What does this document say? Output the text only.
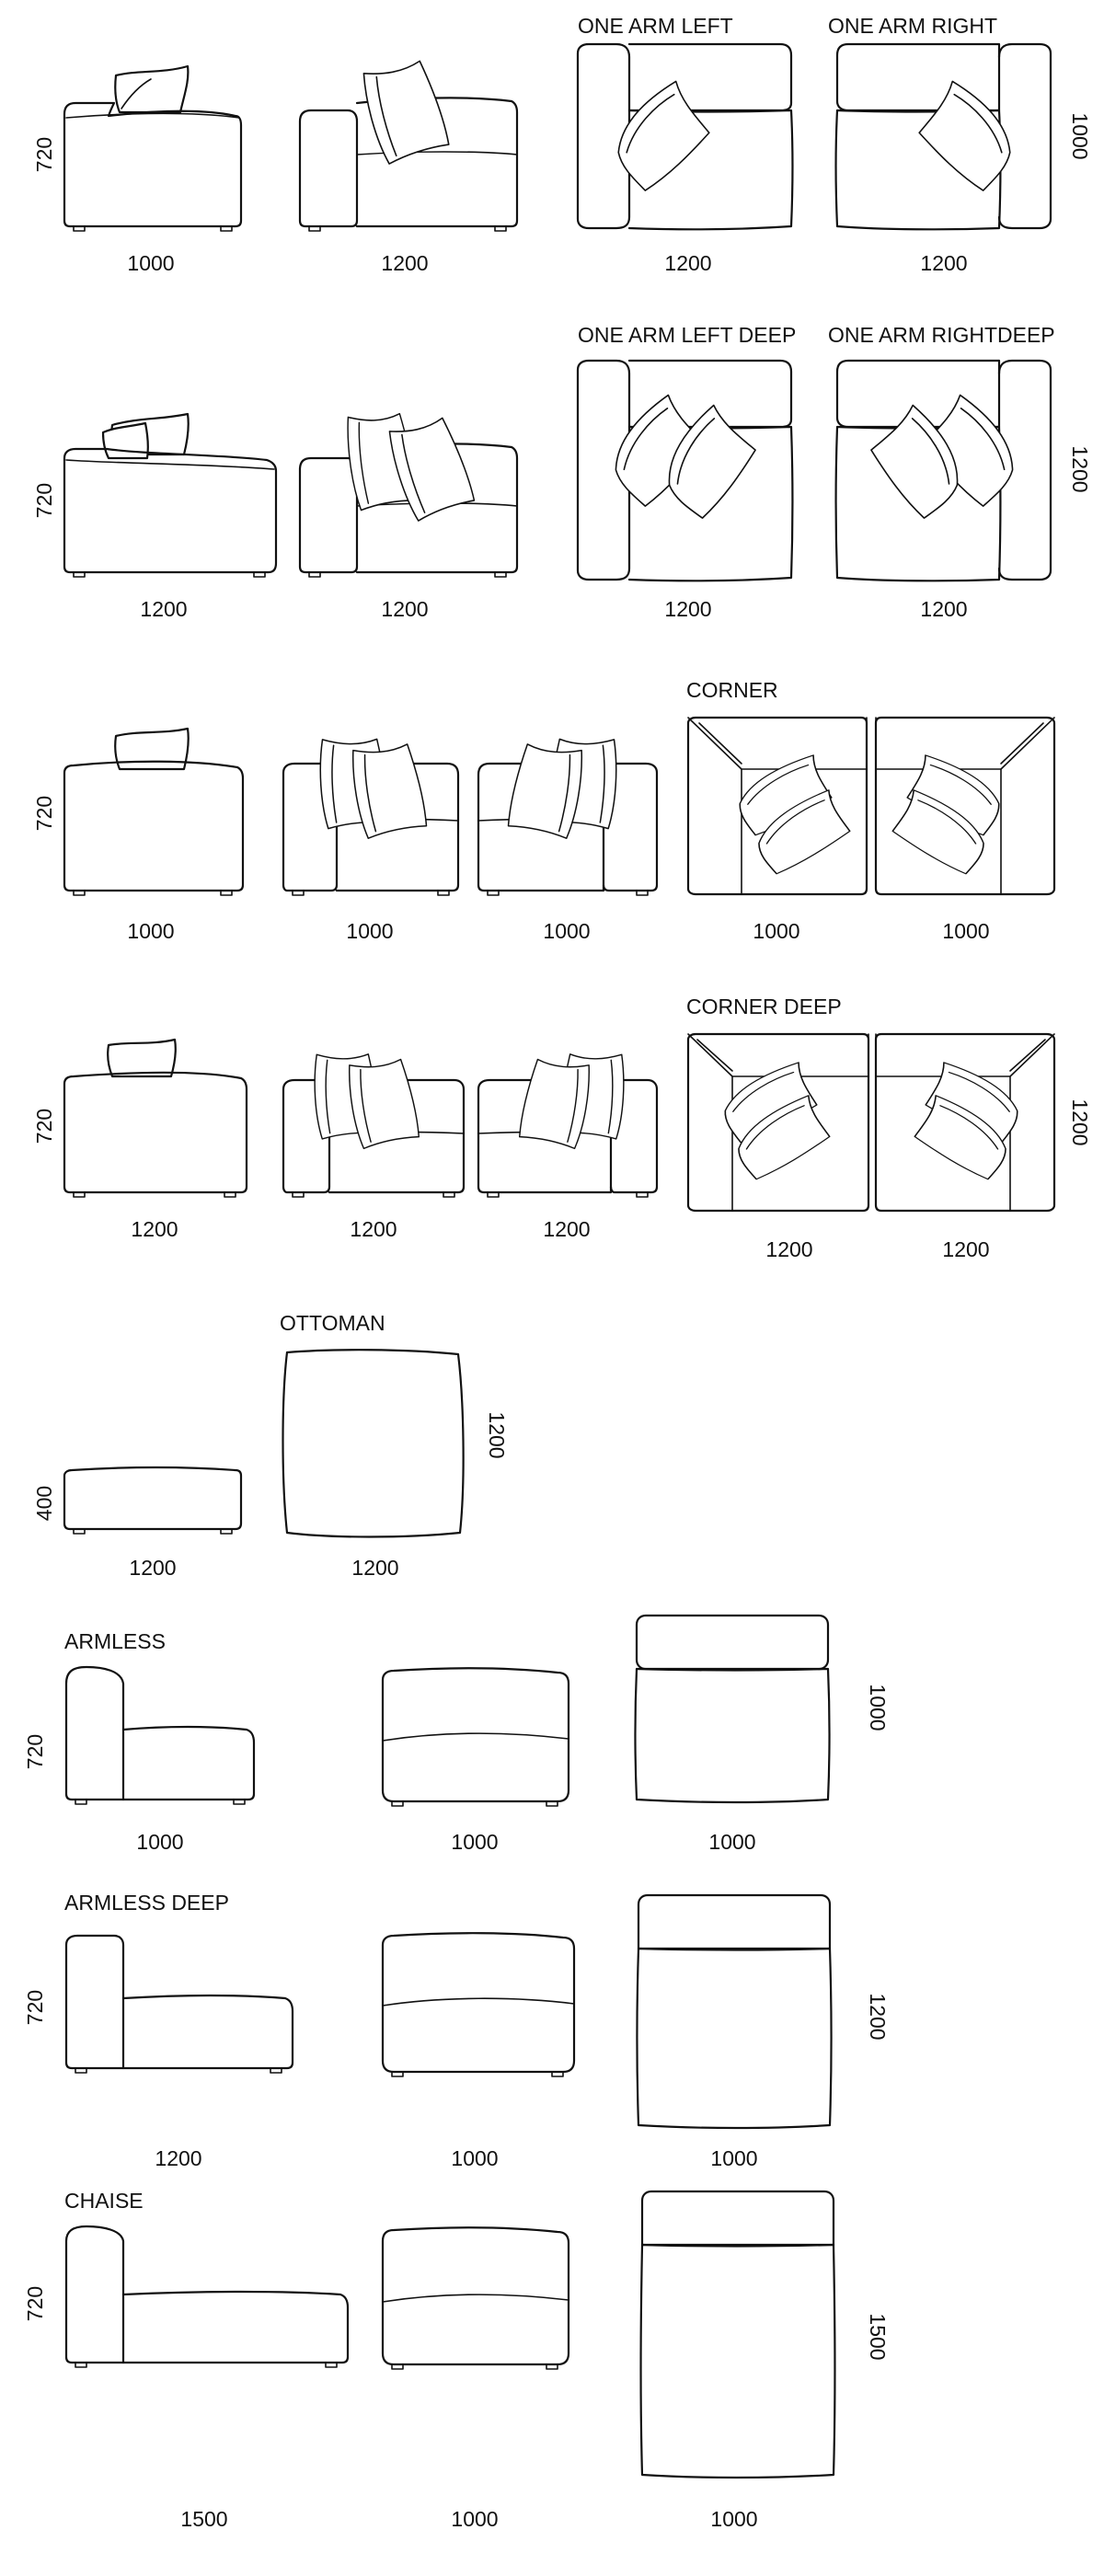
720
1000	1200
ONE ARM LEFT	ONE ARM RIGHT
1200	1200
1000
720
1200	1200
ONE ARM LEFT DEEP ONE ARM RIGHTDEEP
1200	1200
1200
720
1000	1000	1000
CORNER
1000	1000
720
1200	1200	1200
CORNER DEEP
1200	1200
1200
400
1200
OTTOMAN
1200
1200
ARMLESS
720
1000	1000	1000
1000
ARMLESS DEEP
720
1200	1000	1000
1200
CHAISE
720
1500	1000	1000
1500
